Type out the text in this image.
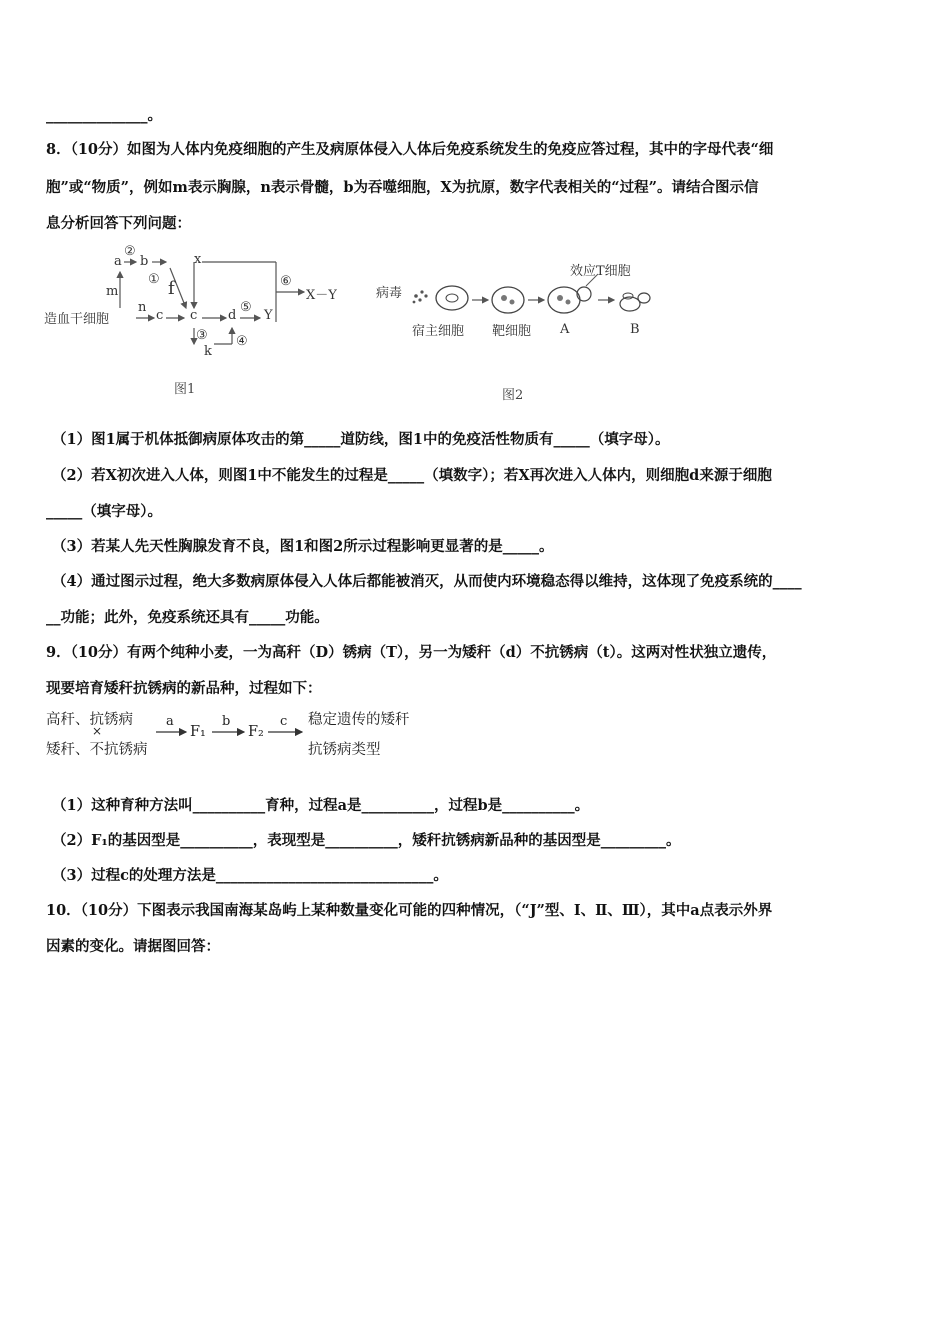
______________。
8．（10分）如图为人体内免疫细胞的产生及病原体侵入人体后免疫系统发生的免疫应答过程，其中的字母代表“细
胞”或“物质”，例如m表示胸腺，n表示骨髓，b为吞噬细胞，X为抗原，数字代表相关的“过程”。请结合图示信
息分析回答下列问题：
造血干细胞
n
c
m
a
②
b	x
① f
c d
⑤
Y
⑥
X－Y
③
k
④
图1
病毒
宿主细胞 靶细胞 A	B
效应T细胞
图2
（1）图1属于机体抵御病原体攻击的第_____道防线，图1中的免疫活性物质有_____（填字母）。
（2）若X初次进入人体，则图1中不能发生的过程是_____（填数字）；若X再次进入人体内，则细胞d来源于细胞
_____（填字母）。
（3）若某人先天性胸腺发育不良，图1和图2所示过程影响更显著的是_____。
（4）通过图示过程，绝大多数病原体侵入人体后都能被消灭，从而使内环境稳态得以维持，这体现了免疫系统的____
__功能；此外，免疫系统还具有_____功能。
9．（10分）有两个纯种小麦，一为高秆（D）锈病（T），另一为矮秆（d）不抗锈病（t）。这两对性状独立遗传，
现要培育矮秆抗锈病的新品种，过程如下：
高秆、抗锈病
×
矮秆、不抗锈病
a
F₁
b
F₂
c 稳定遗传的矮秆
抗锈病类型
（1）这种育种方法叫__________育种，过程a是__________，过程b是__________。
（2）F₁的基因型是__________，表现型是__________，矮秆抗锈病新品种的基因型是_________。
（3）过程c的处理方法是______________________________。
10．（10分）下图表示我国南海某岛屿上某种数量变化可能的四种情况，（“J”型、Ⅰ、Ⅱ、Ⅲ），其中a点表示外界
因素的变化。请据图回答：
